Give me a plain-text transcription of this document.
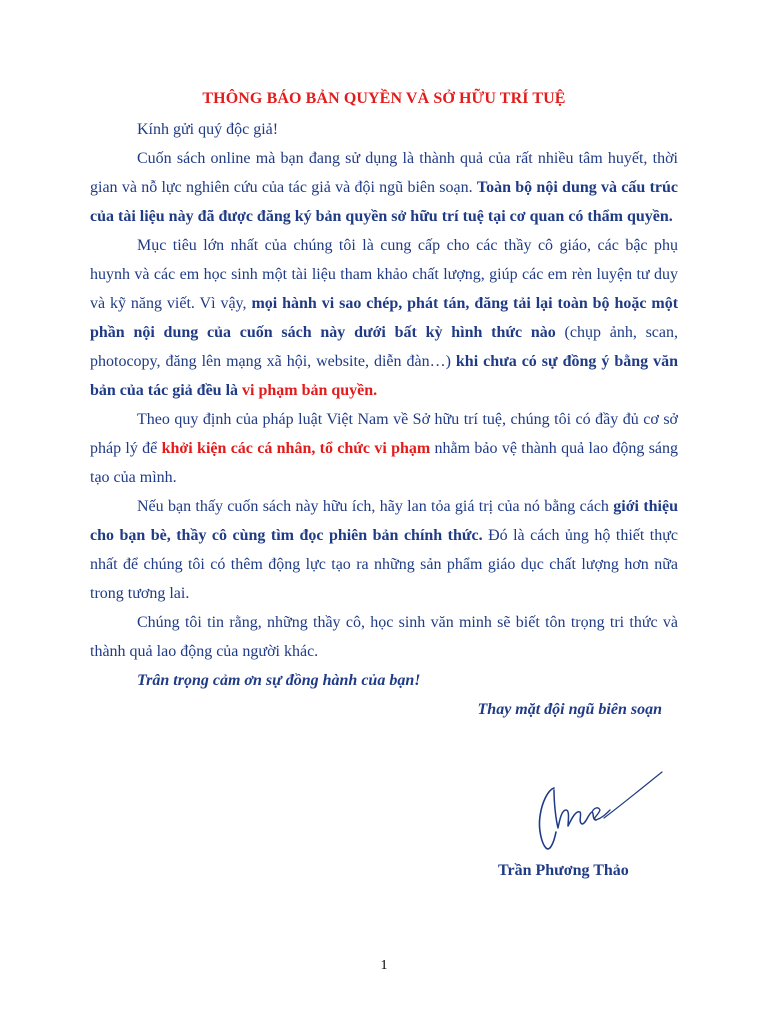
THÔNG BÁO BẢN QUYỀN VÀ SỞ HỮU TRÍ TUỆ

Kính gửi quý độc giả!

Cuốn sách online mà bạn đang sử dụng là thành quả của rất nhiều tâm huyết, thời gian và nỗ lực nghiên cứu của tác giả và đội ngũ biên soạn. Toàn bộ nội dung và cấu trúc của tài liệu này đã được đăng ký bản quyền sở hữu trí tuệ tại cơ quan có thẩm quyền.

Mục tiêu lớn nhất của chúng tôi là cung cấp cho các thầy cô giáo, các bậc phụ huynh và các em học sinh một tài liệu tham khảo chất lượng, giúp các em rèn luyện tư duy và kỹ năng viết. Vì vậy, mọi hành vi sao chép, phát tán, đăng tải lại toàn bộ hoặc một phần nội dung của cuốn sách này dưới bất kỳ hình thức nào (chụp ảnh, scan, photocopy, đăng lên mạng xã hội, website, diễn đàn…) khi chưa có sự đồng ý bằng văn bản của tác giả đều là vi phạm bản quyền.

Theo quy định của pháp luật Việt Nam về Sở hữu trí tuệ, chúng tôi có đầy đủ cơ sở pháp lý để khởi kiện các cá nhân, tổ chức vi phạm nhằm bảo vệ thành quả lao động sáng tạo của mình.

Nếu bạn thấy cuốn sách này hữu ích, hãy lan tỏa giá trị của nó bằng cách giới thiệu cho bạn bè, thầy cô cùng tìm đọc phiên bản chính thức. Đó là cách ủng hộ thiết thực nhất để chúng tôi có thêm động lực tạo ra những sản phẩm giáo dục chất lượng hơn nữa trong tương lai.

Chúng tôi tin rằng, những thầy cô, học sinh văn minh sẽ biết tôn trọng tri thức và thành quả lao động của người khác.

Trân trọng cảm ơn sự đồng hành của bạn!

Thay mặt đội ngũ biên soạn

Trần Phương Thảo
1
